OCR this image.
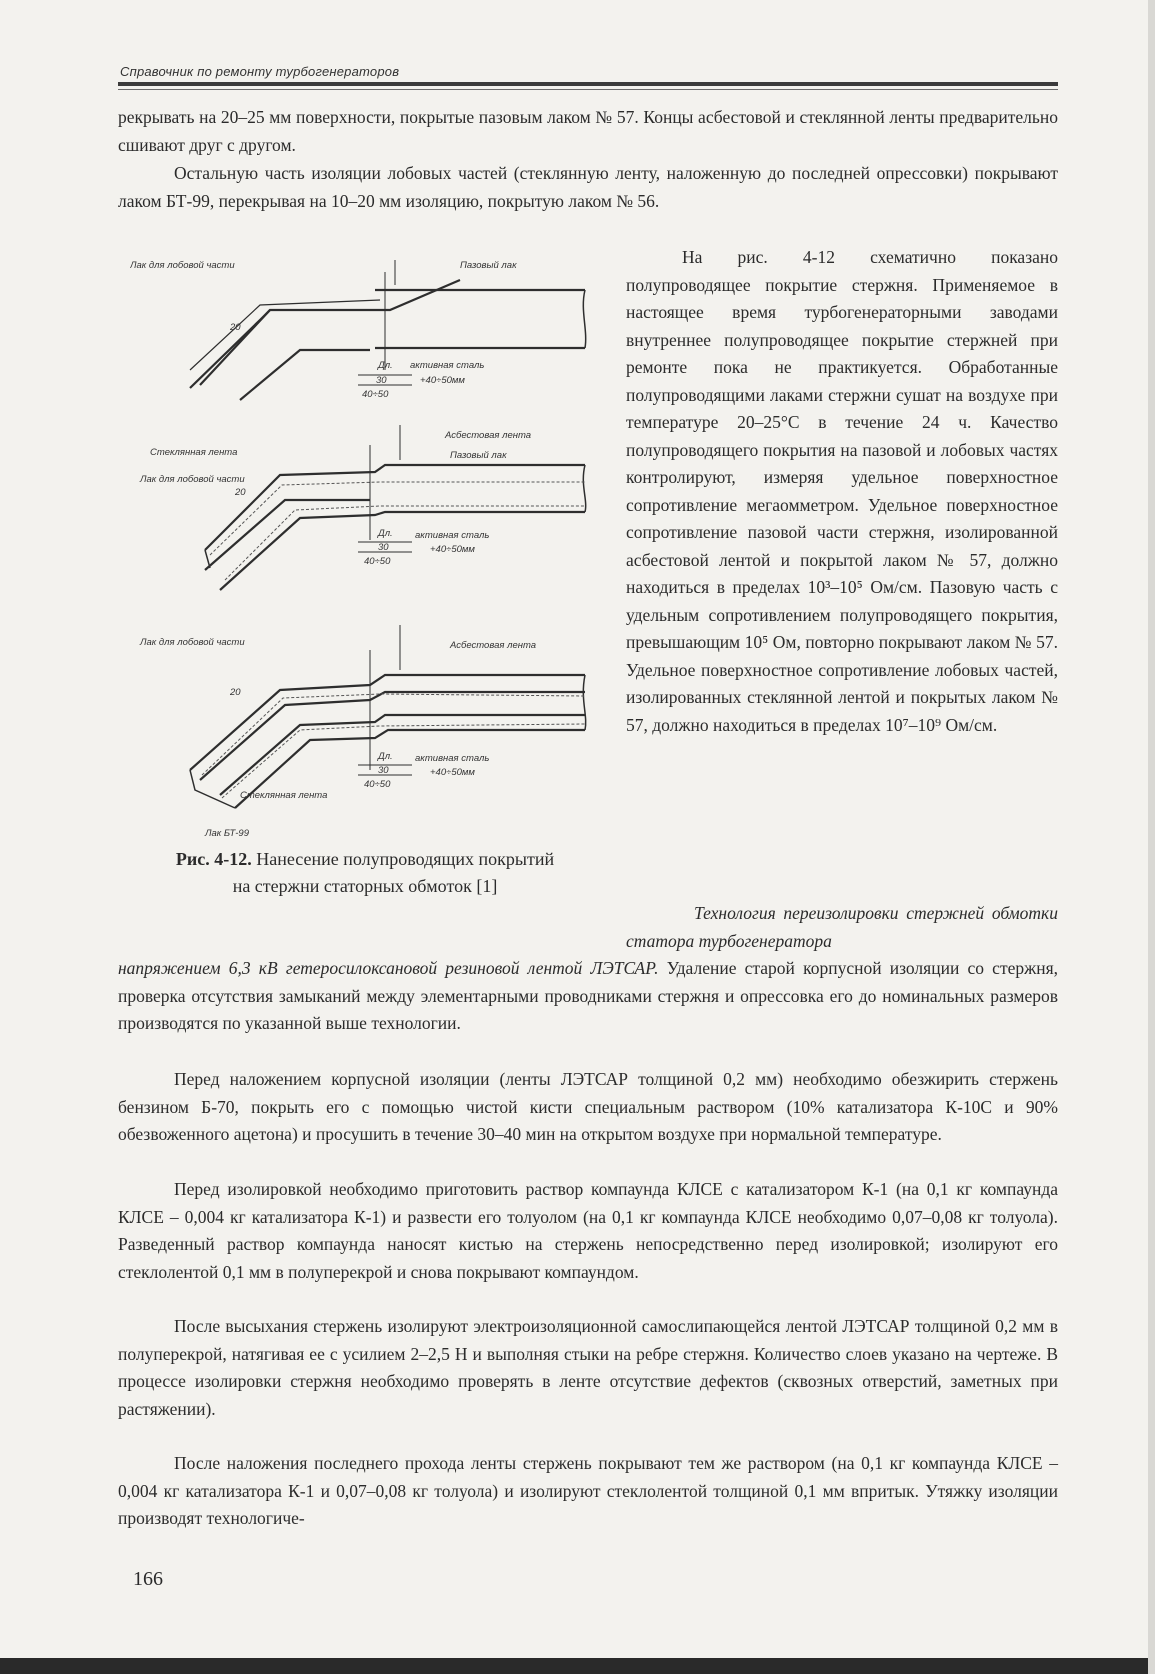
Справочник по ремонту турбогенераторов

рекрывать на 20–25 мм поверхности, покрытые пазовым лаком № 57. Концы асбестовой и стеклянной ленты предварительно сшивают друг с другом.

Остальную часть изоляции лобовых частей (стеклянную ленту, наложенную до последней опрессовки) покрывают лаком БТ-99, перекрывая на 10–20 мм изоляцию, покрытую лаком № 56.

На рис. 4-12 схематично показано полупроводящее покрытие стержня. Применяемое в настоящее время турбогенераторными заводами внутреннее полупроводящее покрытие стержней при ремонте пока не практикуется. Обработанные полупроводящими лаками стержни сушат на воздухе при температуре 20–25°С в течение 24 ч. Качество полупроводящего покрытия на пазовой и лобовых частях контролируют, измеряя удельное поверхностное сопротивление мегаомметром. Удельное поверхностное сопротивление пазовой части стержня, изолированной асбестовой лентой и покрытой лаком № 57, должно находиться в пределах 10³–10⁵ Ом/см. Пазовую часть с удельным сопротивлением полупроводящего покрытия, превышающим 10⁵ Ом, повторно покрывают лаком № 57. Удельное поверхностное сопротивление лобовых частей, изолированных стеклянной лентой и покрытых лаком № 57, должно находиться в пределах 10⁷–10⁹ Ом/см.

Лак для лобовой части	Пазовый лак
активная сталь
+40÷50мм
30
40÷50
Дл.
20
Асбестовая лента
Стеклянная лента
Лак для лобовой части
Пазовый лак
активная сталь
+40÷50мм
30
40÷50
Дл.
20
Лак для лобовой части	Асбестовая лента
активная сталь
+40÷50мм
30
40÷50
Дл.
20
Стеклянная лента
Лак БТ-99
Рис. 4-12. Нанесение полупроводящих покрытий на стержни статорных обмоток [1]

Технология переизолировки стержней обмотки статора турбогенератора

напряжением 6,3 кВ гетеросилоксановой резиновой лентой ЛЭТСАР. Удаление старой корпусной изоляции со стержня, проверка отсутствия замыканий между элементарными проводниками стержня и опрессовка его до номинальных размеров производятся по указанной выше технологии.

Перед наложением корпусной изоляции (ленты ЛЭТСАР толщиной 0,2 мм) необходимо обезжирить стержень бензином Б-70, покрыть его с помощью чистой кисти специальным раствором (10% катализатора К-10С и 90% обезвоженного ацетона) и просушить в течение 30–40 мин на открытом воздухе при нормальной температуре.

Перед изолировкой необходимо приготовить раствор компаунда КЛСЕ с катализатором К-1 (на 0,1 кг компаунда КЛСЕ – 0,004 кг катализатора К-1) и развести его толуолом (на 0,1 кг компаунда КЛСЕ необходимо 0,07–0,08 кг толуола). Разведенный раствор компаунда наносят кистью на стержень непосредственно перед изолировкой; изолируют его стеклолентой 0,1 мм в полуперекрой и снова покрывают компаундом.

После высыхания стержень изолируют электроизоляционной самослипающейся лентой ЛЭТСАР толщиной 0,2 мм в полуперекрой, натягивая ее с усилием 2–2,5 Н и выполняя стыки на ребре стержня. Количество слоев указано на чертеже. В процессе изолировки стержня необходимо проверять в ленте отсутствие дефектов (сквозных отверстий, заметных при растяжении).

После наложения последнего прохода ленты стержень покрывают тем же раствором (на 0,1 кг компаунда КЛСЕ – 0,004 кг катализатора К-1 и 0,07–0,08 кг толуола) и изолируют стеклолентой толщиной 0,1 мм впритык. Утяжку изоляции производят технологиче-

166
